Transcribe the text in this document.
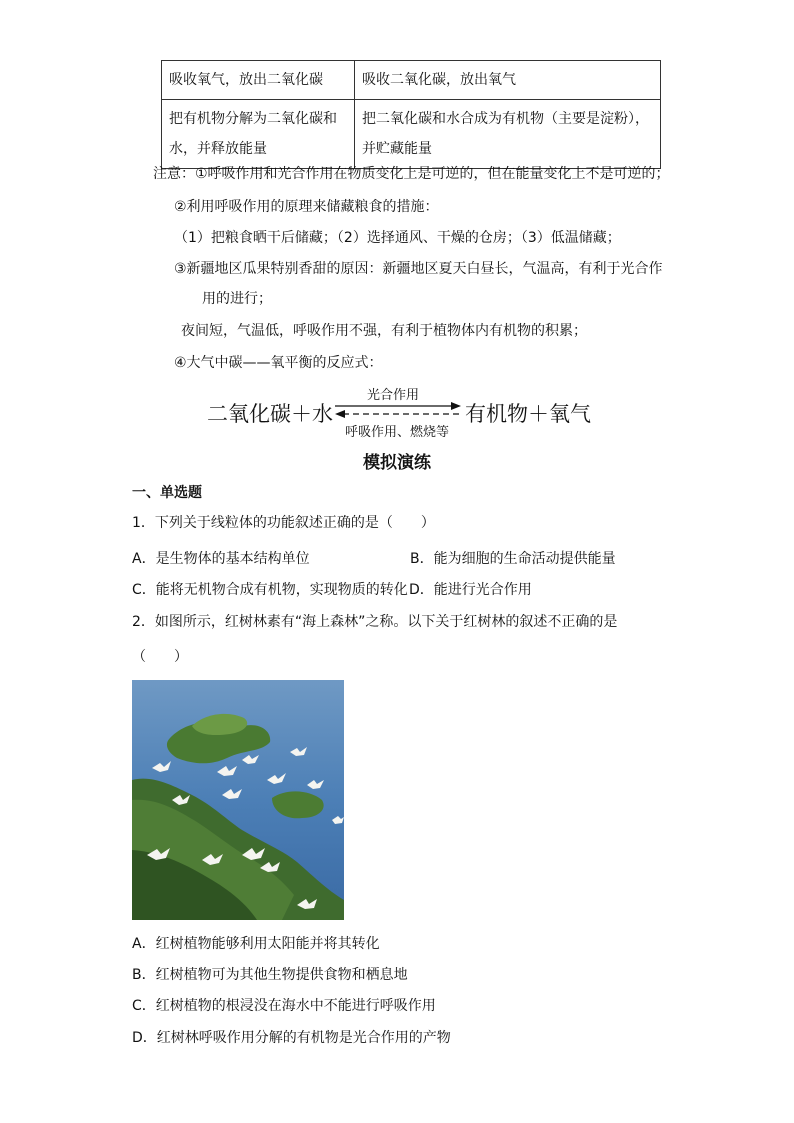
吸收氧气，放出二氧化碳	吸收二氧化碳，放出氧气
把有机物分解为二氧化碳和水，并释放能量	把二氧化碳和水合成为有机物（主要是淀粉），并贮藏能量
注意：①呼吸作用和光合作用在物质变化上是可逆的，但在能量变化上不是可逆的；
②利用呼吸作用的原理来储藏粮食的措施：
（1）把粮食晒干后储藏；（2）选择通风、干燥的仓房；（3）低温储藏；
③新疆地区瓜果特别香甜的原因：新疆地区夏天白昼长，气温高，有利于光合作
用的进行；
夜间短，气温低，呼吸作用不强，有利于植物体内有机物的积累；
④大气中碳——氧平衡的反应式：
二氧化碳＋水
光合作用
呼吸作用、燃烧等
有机物＋氧气
模拟演练
一、单选题
1．下列关于线粒体的功能叙述正确的是（　　）
A．是生物体的基本结构单位	B．能为细胞的生命活动提供能量
C．能将无机物合成有机物，实现物质的转化 D．能进行光合作用
2．如图所示，红树林素有“海上森林”之称。以下关于红树林的叙述不正确的是
（　　）
A．红树植物能够利用太阳能并将其转化
B．红树植物可为其他生物提供食物和栖息地
C．红树植物的根浸没在海水中不能进行呼吸作用
D．红树林呼吸作用分解的有机物是光合作用的产物
